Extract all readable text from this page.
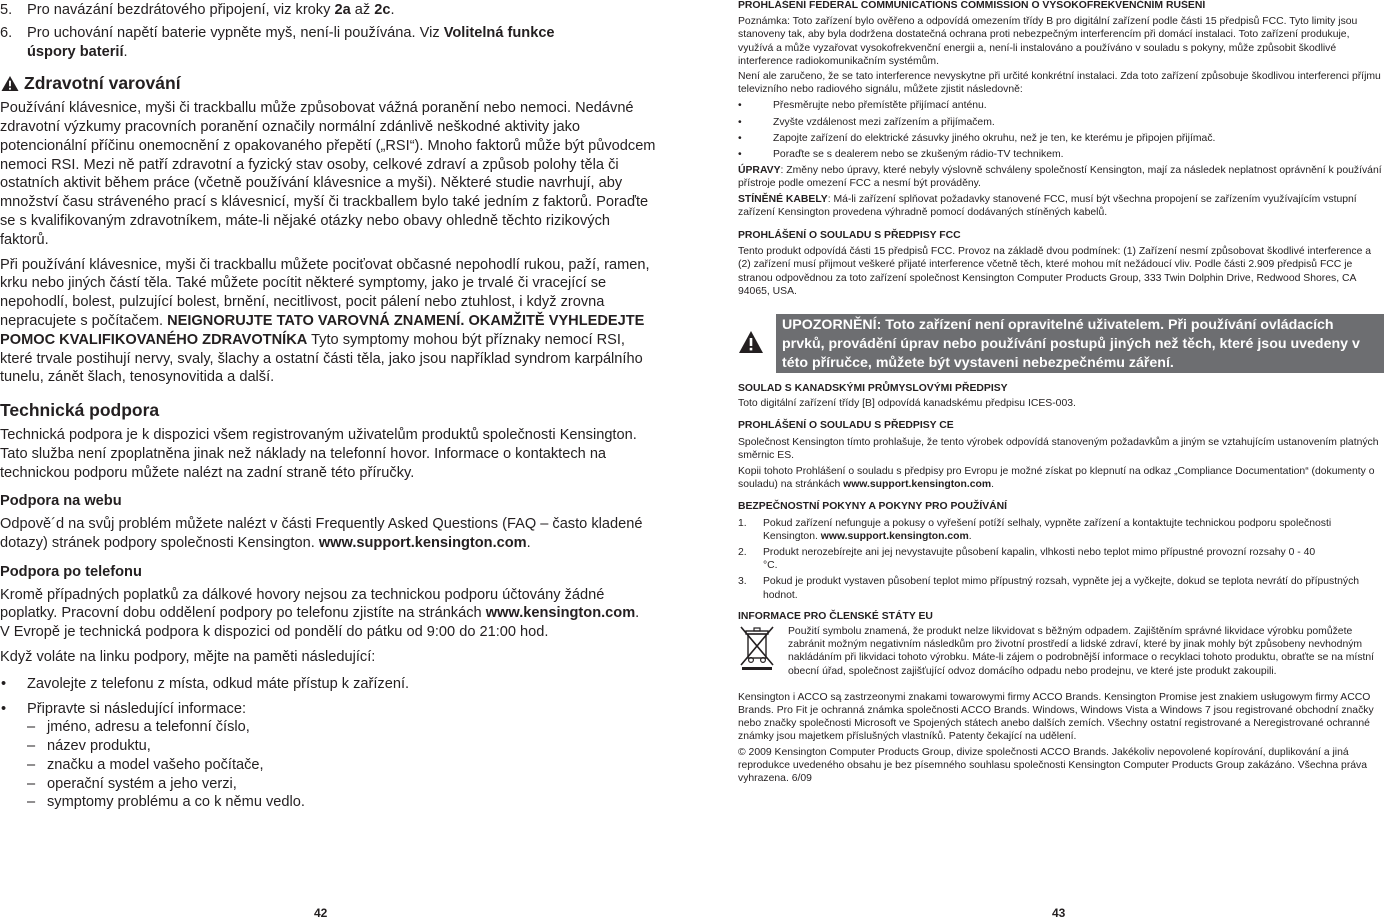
5. Pro navázání bezdrátového připojení, viz kroky 2a až 2c.
6. Pro uchování napětí baterie vypněte myš, není-li používána. Viz Volitelná funkce úspory baterií.
Zdravotní varování

Používání klávesnice, myši či trackballu může způsobovat vážná poranění nebo nemoci. Nedávné zdravotní výzkumy pracovních poranění označily normální zdánlivě neškodné aktivity jako potencionální příčinu onemocnění z opakovaného přepětí („RSI“). Mnoho faktorů může být původcem nemoci RSI. Mezi ně patří zdravotní a fyzický stav osoby, celkové zdraví a způsob polohy těla či ostatních aktivit během práce (včetně používání klávesnice a myši). Některé studie navrhují, aby množství času stráveného prací s klávesnicí, myší či trackballem bylo také jedním z faktorů. Poraďte se s kvalifikovaným zdravotníkem, máte-li nějaké otázky nebo obavy ohledně těchto rizikových faktorů.

Při používání klávesnice, myši či trackballu můžete pociťovat občasné nepohodlí rukou, paží, ramen, krku nebo jiných částí těla. Také můžete pocítit některé symptomy, jako je trvalé či vracející se nepohodlí, bolest, pulzující bolest, brnění, necitlivost, pocit pálení nebo ztuhlost, i když zrovna nepracujete s počítačem. NEIGNORUJTE TATO VAROVNÁ ZNAMENÍ. OKAMŽITĚ VYHLEDEJTE POMOC KVALIFIKOVANÉHO ZDRAVOTNÍKA Tyto symptomy mohou být příznaky nemocí RSI, které trvale postihují nervy, svaly, šlachy a ostatní části těla, jako jsou například syndrom karpálního tunelu, zánět šlach, tenosynovitida a další.

Technická podpora

Technická podpora je k dispozici všem registrovaným uživatelům produktů společnosti Kensington. Tato služba není zpoplatněna jinak než náklady na telefonní hovor. Informace o kontaktech na technickou podporu můžete nalézt na zadní straně této příručky.

Podpora na webu

Odpově´d na svůj problém můžete nalézt v části Frequently Asked Questions (FAQ – často kladené dotazy) stránek podpory společnosti Kensington. www.support.kensington.com.

Podpora po telefonu

Kromě případných poplatků za dálkové hovory nejsou za technickou podporu účtovány žádné poplatky. Pracovní dobu oddělení podpory po telefonu zjistíte na stránkách www.kensington.com. V Evropě je technická podpora k dispozici od pondělí do pátku od 9:00 do 21:00 hod.

Když voláte na linku podpory, mějte na paměti následující:

• Zavolejte z telefonu z místa, odkud máte přístup k zařízení.
• Připravte si následující informace:
– jméno, adresu a telefonní číslo,
– název produktu,
– značku a model vašeho počítače,
– operační systém a jeho verzi,
– symptomy problému a co k němu vedlo.
42
PROHLÁŠENÍ FEDERAL COMMUNICATIONS COMMISSION O VYSOKOFREKVENČNÍM RUŠENÍ

Poznámka: Toto zařízení bylo ověřeno a odpovídá omezením třídy B pro digitální zařízení podle části 15 předpisů FCC. Tyto limity jsou stanoveny tak, aby byla dodržena dostatečná ochrana proti nebezpečným interferencím při domácí instalaci. Toto zařízení produkuje, využívá a může vyzařovat vysokofrekvenční energii a, není-li instalováno a používáno v souladu s pokyny, může způsobit škodlivé interference radiokomunikačním systémům.

Není ale zaručeno, že se tato interference nevyskytne při určité konkrétní instalaci. Zda toto zařízení způsobuje škodlivou interferenci příjmu televizního nebo radiového signálu, můžete zjistit následovně:

•	Přesměrujte nebo přemístěte přijímací anténu.
•	Zvyšte vzdálenost mezi zařízením a přijímačem.
•	Zapojte zařízení do elektrické zásuvky jiného okruhu, než je ten, ke kterému je připojen přijímač.
•	Poraďte se s dealerem nebo se zkušeným rádio-TV technikem.

ÚPRAVY: Změny nebo úpravy, které nebyly výslovně schváleny společností Kensington, mají za následek neplatnost oprávnění k používání přístroje podle omezení FCC a nesmí být prováděny.

STÍNĚNÉ KABELY: Má-li zařízení splňovat požadavky stanovené FCC, musí být všechna propojení se zařízením využívajícím vstupní zařízení Kensington provedena výhradně pomocí dodávaných stíněných kabelů.

PROHLÁŠENÍ O SOULADU S PŘEDPISY FCC

Tento produkt odpovídá části 15 předpisů FCC. Provoz na základě dvou podmínek: (1) Zařízení nesmí způsobovat škodlivé interference a (2) zařízení musí přijmout veškeré přijaté interference včetně těch, které mohou mít nežádoucí vliv. Podle části 2.909 předpisů FCC je stranou odpovědnou za toto zařízení společnost Kensington Computer Products Group, 333 Twin Dolphin Drive, Redwood Shores, CA 94065, USA.

SOULAD S KANADSKÝMI PRŮMYSLOVÝMI PŘEDPISY

Toto digitální zařízení třídy [B] odpovídá kanadskému předpisu ICES-003.

PROHLÁŠENÍ O SOULADU S PŘEDPISY CE

Společnost Kensington tímto prohlašuje, že tento výrobek odpovídá stanoveným požadavkům a jiným se vztahujícím ustanovením platných směrnic ES.

Kopii tohoto Prohlášení o souladu s předpisy pro Evropu je možné získat po klepnutí na odkaz „Compliance Documentation“ (dokumenty o souladu) na stránkách www.support.kensington.com.

BEZPEČNOSTNÍ POKYNY A POKYNY PRO POUŽÍVÁNÍ
1. Pokud zařízení nefunguje a pokusy o vyřešení potíží selhaly, vypněte zařízení a kontaktujte technickou podporu společnosti Kensington. www.support.kensington.com.
2. Produkt nerozebírejte ani jej nevystavujte působení kapalin, vlhkosti nebo teplot mimo přípustné provozní rozsahy 0 - 40 °C.
3. Pokud je produkt vystaven působení teplot mimo přípustný rozsah, vypněte jej a vyčkejte, dokud se teplota nevrátí do přípustných hodnot.
INFORMACE PRO ČLENSKÉ STÁTY EU

Použití symbolu znamená, že produkt nelze likvidovat s běžným odpadem. Zajištěním správné likvidace výrobku pomůžete zabránit možným negativním následkům pro životní prostředí a lidské zdraví, které by jinak mohly být způsobeny nevhodným nakládáním při likvidaci tohoto výrobku. Máte-li zájem o podrobnější informace o recyklaci tohoto produktu, obraťte se na místní obecní úřad, společnost zajišťující odvoz domácího odpadu nebo prodejnu, ve které jste produkt zakoupili.

Kensington i ACCO są zastrzeonymi znakami towarowymi firmy ACCO Brands. Kensington Promise jest znakiem usługowym firmy ACCO Brands. Pro Fit je ochranná známka společnosti ACCO Brands. Windows, Windows Vista a Windows 7 jsou registrované obchodní značky nebo značky společnosti Microsoft ve Spojených státech anebo dalších zemích. Všechny ostatní registrované a Neregistrované ochranné známky jsou majetkem příslušných vlastníků. Patenty čekající na udělení.

© 2009 Kensington Computer Products Group, divize společnosti ACCO Brands. Jakékoliv nepovolené kopírování, duplikování a jiná reprodukce uvedeného obsahu je bez písemného souhlasu společnosti Kensington Computer Products Group zakázáno. Všechna práva vyhrazena. 6/09

UPOZORNĚNÍ: Toto zařízení není opravitelné uživatelem. Při používání ovládacích prvků, provádění úprav nebo používání postupů jiných než těch, které jsou uvedeny v této příručce, můžete být vystaveni nebezpečnému záření.
43
